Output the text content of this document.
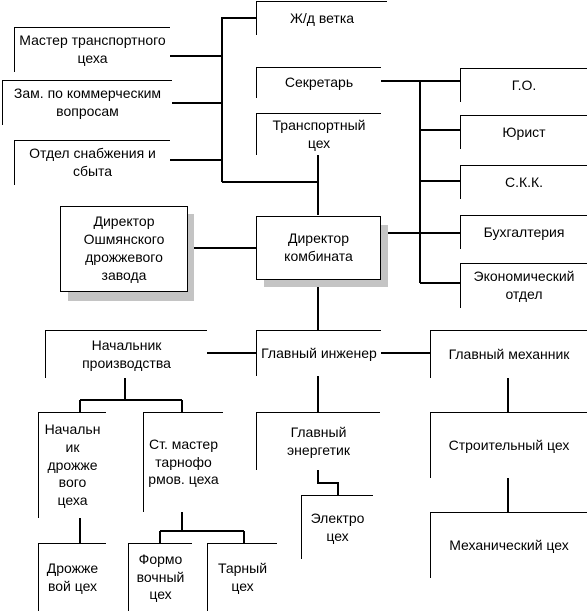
Ж/д ветка
Мастер транспортного цеха
Зам. по коммерческим вопросам
Отдел снабжения и сбыта
Секретарь
Транспортный цех
Г.О.
Юрист
С.К.К.
Бухгалтерия
Экономический отдел
Директор Ошмянского дрожжевого завода
Директор комбината
Начальник производства
Главный инженер	Главный механник
Начальн ик дрожже вого цеха
Ст. мастер тарнофо рмов. цеха
Главный энергетик	Строительный цех
Электро цех
Механический цех
Дрожже вой цех
Формо вочный цех
Тарный цех
